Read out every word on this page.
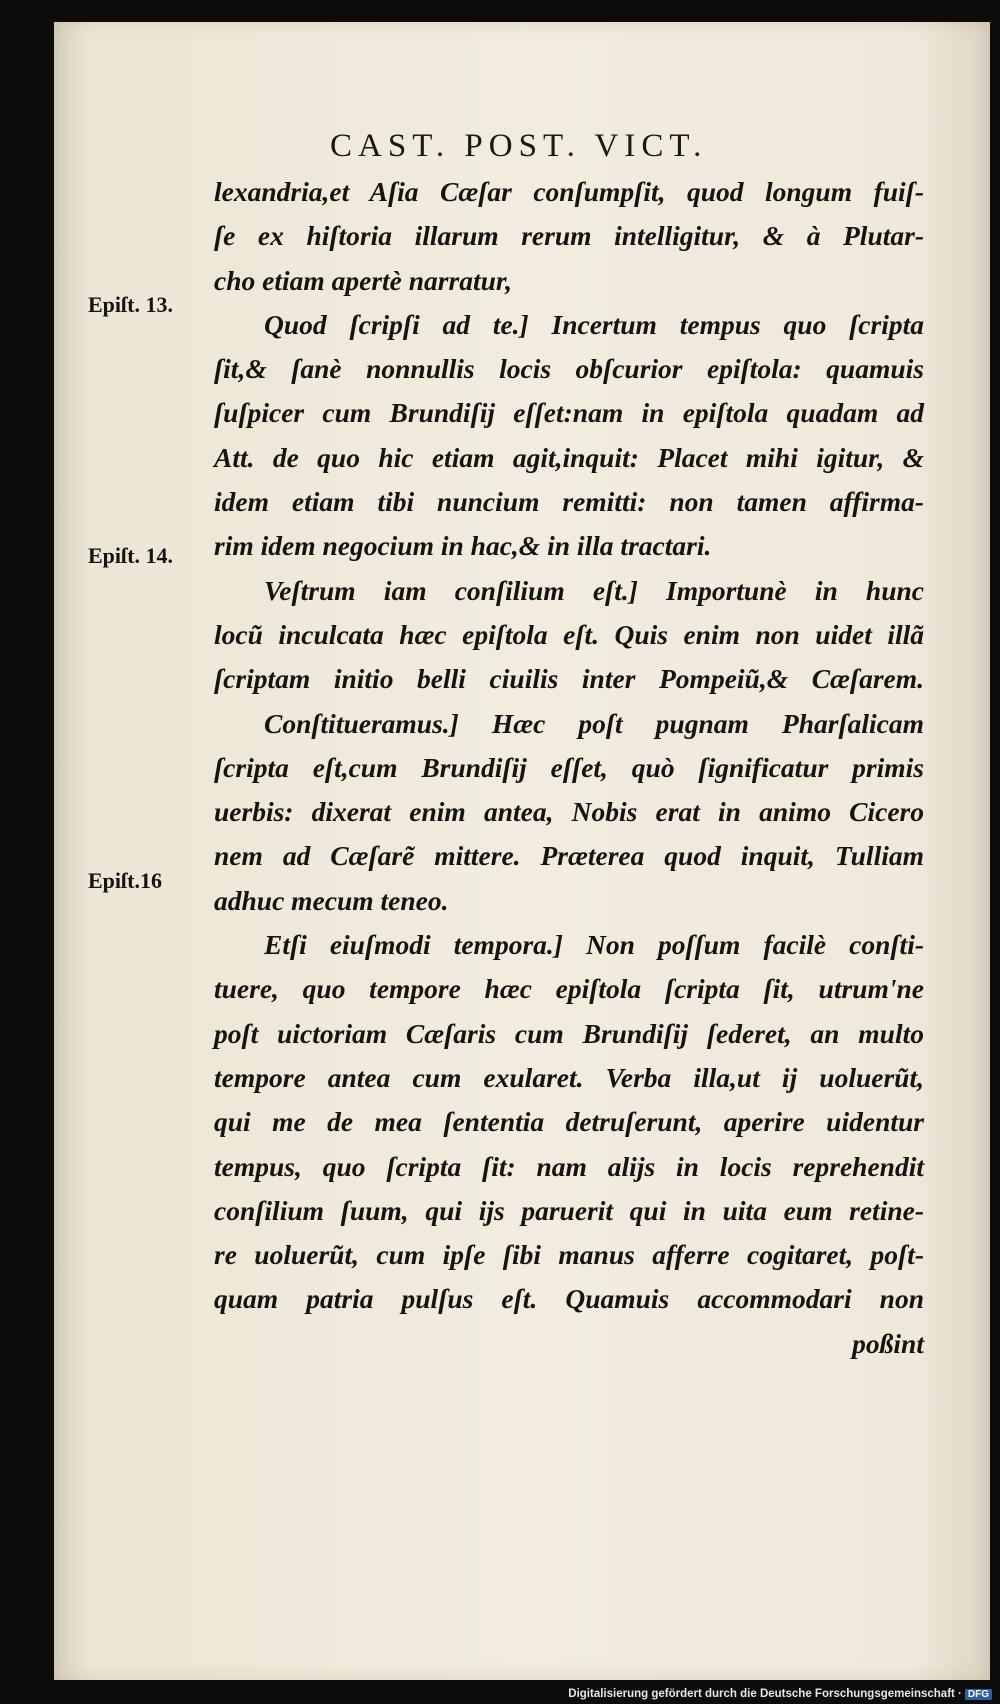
CAST. POST. VICT.
Epiſt. 13.
Epiſt. 14.
Epiſt.16
lexandria,et Aſia Cæſar conſumpſit, quod longum fuiſ-
ſe ex hiſtoria illarum rerum intelligitur, & à Plutar-
cho etiam apertè narratur,
Quod ſcripſi ad te.] Incertum tempus quo ſcripta
ſit,& ſanè nonnullis locis obſcurior epiſtola: quamuis
ſuſpicer cum Brundiſij eſſet:nam in epiſtola quadam ad
Att. de quo hic etiam agit,inquit: Placet mihi igitur, &
idem etiam tibi nuncium remitti: non tamen affirma-
rim idem negocium in hac,& in illa tractari.
Veſtrum iam conſilium eſt.] Importunè in hunc
locũ inculcata hæc epiſtola eſt. Quis enim non uidet illã
ſcriptam initio belli ciuilis inter Pompeiũ,& Cæſarem.
Conſtitueramus.] Hæc poſt pugnam Pharſalicam
ſcripta eſt,cum Brundiſij eſſet, quò ſignificatur primis
uerbis: dixerat enim antea, Nobis erat in animo Cicero
nem ad Cæſarẽ mittere. Præterea quod inquit, Tulliam
adhuc mecum teneo.
Etſi eiuſmodi tempora.] Non poſſum facilè conſti-
tuere, quo tempore hæc epiſtola ſcripta ſit, utrum'ne
poſt uictoriam Cæſaris cum Brundiſij ſederet, an multo
tempore antea cum exularet. Verba illa,ut ij uoluerũt,
qui me de mea ſententia detruſerunt, aperire uidentur
tempus, quo ſcripta ſit: nam alijs in locis reprehendit
conſilium ſuum, qui ijs paruerit qui in uita eum retine-
re uoluerũt, cum ipſe ſibi manus afferre cogitaret, poſt-
quam patria pulſus eſt. Quamuis accommodari non
poßint
Digitalisierung gefördert durch die Deutsche Forschungsgemeinschaft · DFG
